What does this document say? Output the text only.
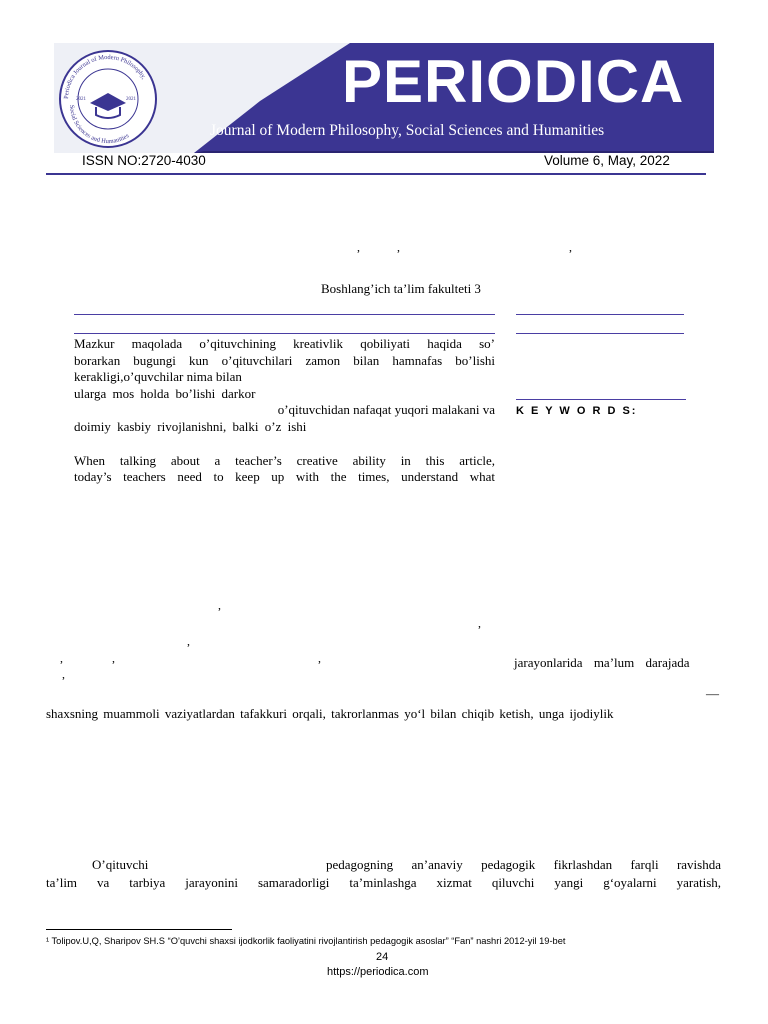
2021	2021
Periodica Journal of Modern Philosophy,
Social Sciences and Humanities
PERIODICA
Journal of Modern Philosophy, Social Sciences and Humanities
ISSN NO:2720-4030	Volume 6, May, 2022
,	,	,
Boshlang’ich ta’lim fakulteti 3

Mazkur maqolada o’qituvchining kreativlik qobiliyati haqida so’

borarkan bugungi kun o’qituvchilari zamon bilan hamnafas bo’lishi

kerakligi,o’quvchilar nima bilan

ularga mos holda bo’lishi darkor

o’qituvchidan nafaqat yuqori malakani va

doimiy kasbiy rivojlanishni, balki o’z ishi

When talking about a teacher’s creative ability in this article,

today’s teachers need to keep up with the times, understand what

K E Y W O R D S:
,
,
,
,	,	,
,
jarayonlarida ma’lum darajada
—
shaxsning muammoli vaziyatlardan tafakkuri orqali, takrorlanmas yo‘l bilan chiqib ketish, unga ijodiylik
O’qituvchi	pedagogning an’anaviy pedagogik fikrlashdan farqli ravishda
ta’lim va tarbiya jarayonini samaradorligi ta’minlashga xizmat qiluvchi yangi g‘oyalarni yaratish,
¹ Tolipov.U,Q, Sharipov SH.S “O’quvchi shaxsi ijodkorlik faoliyatini rivojlantirish pedagogik asoslar” “Fan” nashri 2012-yil 19-bet
24
https://periodica.com
